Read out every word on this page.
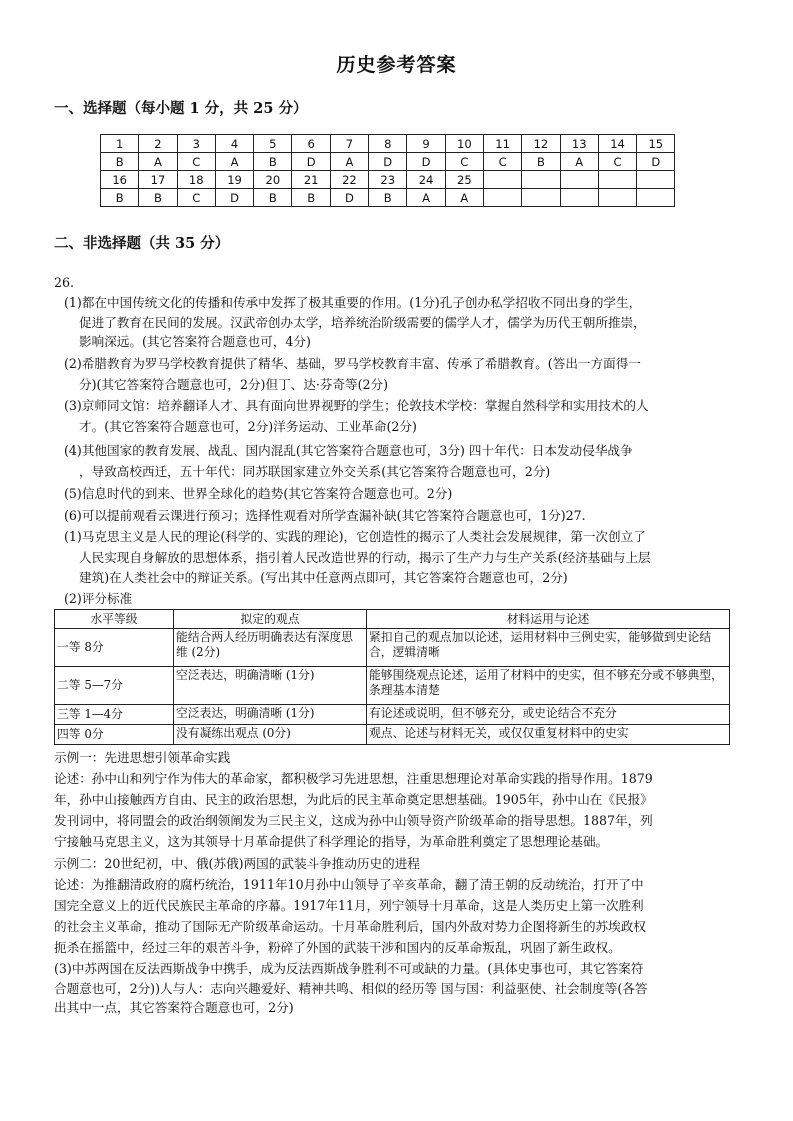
历史参考答案
一、选择题（每小题 1 分，共 25 分）
1	2	3	4	5	6	7	8	9	10	11	12	13	14	15
B	A	C	A	B	D	A	D	D	C	C	B	A	C	D
16	17	18	19	20	21	22	23	24	25					
B	B	C	D	B	B	D	B	A	A					
二、非选择题（共 35 分）
26.
(1)都在中国传统文化的传播和传承中发挥了极其重要的作用。(1分)孔子创办私学招收不同出身的学生，
促进了教育在民间的发展。汉武帝创办太学，培养统治阶级需要的儒学人才，儒学为历代王朝所推崇，
影响深远。(其它答案符合题意也可，4分)
(2)希腊教育为罗马学校教育提供了精华、基础，罗马学校教育丰富、传承了希腊教育。(答出一方面得一
分)(其它答案符合题意也可，2分)但丁、达·芬奇等(2分)
(3)京师同文馆：培养翻译人才、具有面向世界视野的学生；伦敦技术学校：掌握自然科学和实用技术的人
才。(其它答案符合题意也可，2分)洋务运动、工业革命(2分)
(4)其他国家的教育发展、战乱、国内混乱(其它答案符合题意也可，3分) 四十年代：日本发动侵华战争
，导致高校西迁，五十年代：同苏联国家建立外交关系(其它答案符合题意也可，2分)
(5)信息时代的到来、世界全球化的趋势(其它答案符合题意也可。2分)
(6)可以提前观看云课进行预习；选择性观看对所学查漏补缺(其它答案符合题意也可，1分)27.
(1)马克思主义是人民的理论(科学的、实践的理论)，它创造性的揭示了人类社会发展规律，第一次创立了
人民实现自身解放的思想体系，指引着人民改造世界的行动，揭示了生产力与生产关系(经济基础与上层
建筑)在人类社会中的辩证关系。(写出其中任意两点即可，其它答案符合题意也可，2分)
(2)评分标准
水平等级	拟定的观点	材料运用与论述
一等 8分	能结合两人经历明确表达有深度思维 (2分)	紧扣自己的观点加以论述，运用材料中三例史实，能够做到史论结合，逻辑清晰
二等 5—7分	空泛表达，明确清晰 (1分)	能够围绕观点论述，运用了材料中的史实，但不够充分或不够典型，条理基本清楚
三等 1—4分	空泛表达，明确清晰 (1分)	有论述或说明，但不够充分，或史论结合不充分
四等 0分	没有凝练出观点 (0分)	观点、论述与材料无关，或仅仅重复材料中的史实
示例一：先进思想引领革命实践
论述：孙中山和列宁作为伟大的革命家，都积极学习先进思想，注重思想理论对革命实践的指导作用。1879
年，孙中山接触西方自由、民主的政治思想，为此后的民主革命奠定思想基础。1905年，孙中山在《民报》
发刊词中，将同盟会的政治纲领阐发为三民主义，这成为孙中山领导资产阶级革命的指导思想。1887年，列
宁接触马克思主义，这为其领导十月革命提供了科学理论的指导，为革命胜利奠定了思想理论基础。
示例二：20世纪初，中、俄(苏俄)两国的武装斗争推动历史的进程
论述：为推翻清政府的腐朽统治，1911年10月孙中山领导了辛亥革命，翻了清王朝的反动统治，打开了中
国完全意义上的近代民族民主革命的序幕。1917年11月，列宁领导十月革命，这是人类历史上第一次胜利
的社会主义革命，推动了国际无产阶级革命运动。十月革命胜利后，国内外敌对势力企图将新生的苏埃政权
扼杀在摇篮中，经过三年的艰苦斗争，粉碎了外国的武装干涉和国内的反革命叛乱，巩固了新生政权。
(3)中苏两国在反法西斯战争中携手，成为反法西斯战争胜利不可或缺的力量。(具体史事也可，其它答案符
合题意也可，2分))人与人：志向兴趣爱好、精神共鸣、相似的经历等 国与国：利益驱使、社会制度等(各答
出其中一点，其它答案符合题意也可，2分)
